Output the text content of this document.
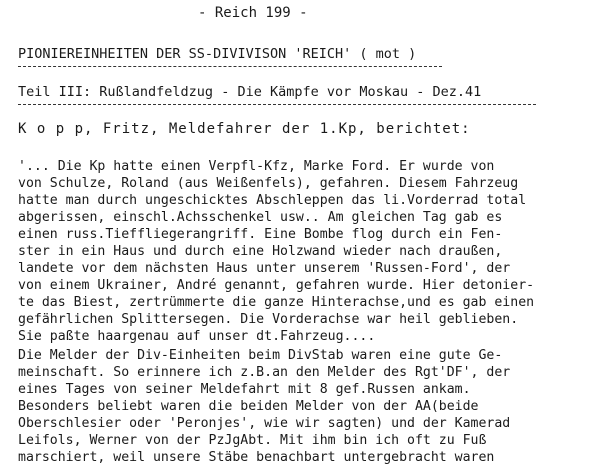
- Reich 199 -
PIONIEREINHEITEN DER SS-DIVIVISON 'REICH' ( mot )
Teil III: Rußlandfeldzug - Die Kämpfe vor Moskau - Dez.41
K o p p, Fritz, Meldefahrer der 1.Kp, berichtet:
'... Die Kp hatte einen Verpfl-Kfz, Marke Ford. Er wurde von
von Schulze, Roland (aus Weißenfels), gefahren. Diesem Fahrzeug
hatte man durch ungeschicktes Abschleppen das li.Vorderrad total
abgerissen, einschl.Achsschenkel usw.. Am gleichen Tag gab es
einen russ.Tieffliegerangriff. Eine Bombe flog durch ein Fen-
ster in ein Haus und durch eine Holzwand wieder nach draußen,
landete vor dem nächsten Haus unter unserem 'Russen-Ford', der
von einem Ukrainer, André genannt, gefahren wurde. Hier detonier-
te das Biest, zertrümmerte die ganze Hinterachse,und es gab einen
gefährlichen Splittersegen. Die Vorderachse war heil geblieben.
Sie paßte haargenau auf unser dt.Fahrzeug....
Die Melder der Div-Einheiten beim DivStab waren eine gute Ge-
meinschaft. So erinnere ich z.B.an den Melder des Rgt'DF', der
eines Tages von seiner Meldefahrt mit 8 gef.Russen ankam.
Besonders beliebt waren die beiden Melder von der AA(beide
Oberschlesier oder 'Peronjes', wie wir sagten) und der Kamerad
Leifols, Werner von der PzJgAbt. Mit ihm bin ich oft zu Fuß
marschiert, weil unsere Stäbe benachbart untergebracht waren
